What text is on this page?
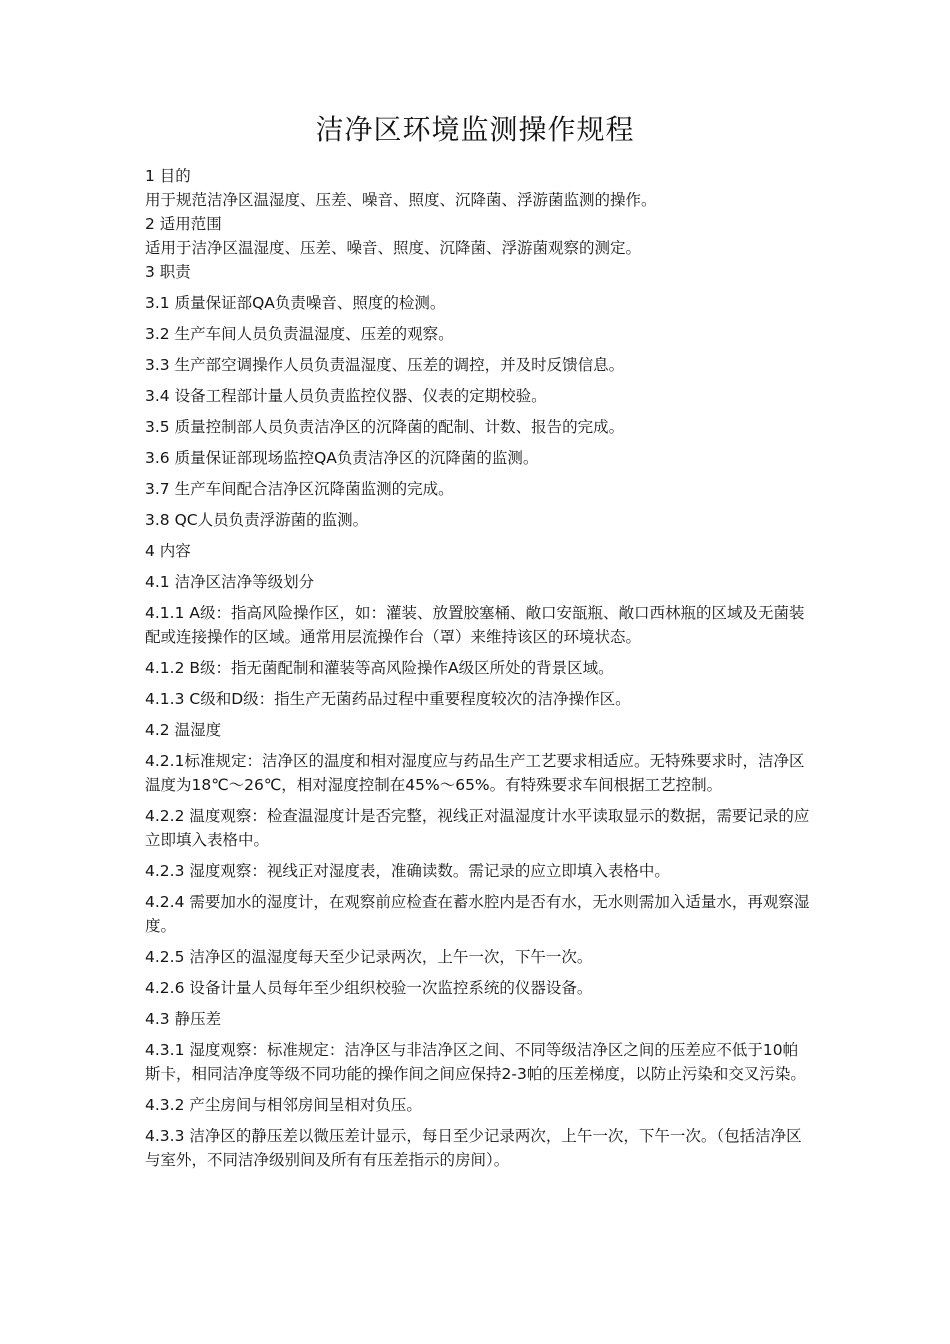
洁净区环境监测操作规程

1 目的

用于规范洁净区温湿度、压差、噪音、照度、沉降菌、浮游菌监测的操作。

2 适用范围

适用于洁净区温湿度、压差、噪音、照度、沉降菌、浮游菌观察的测定。

3 职责

3.1 质量保证部QA负责噪音、照度的检测。

3.2 生产车间人员负责温湿度、压差的观察。

3.3 生产部空调操作人员负责温湿度、压差的调控，并及时反馈信息。

3.4 设备工程部计量人员负责监控仪器、仪表的定期校验。

3.5 质量控制部人员负责洁净区的沉降菌的配制、计数、报告的完成。

3.6 质量保证部现场监控QA负责洁净区的沉降菌的监测。

3.7 生产车间配合洁净区沉降菌监测的完成。

3.8 QC人员负责浮游菌的监测。

4 内容

4.1 洁净区洁净等级划分

4.1.1 A级：指高风险操作区，如：灌装、放置胶塞桶、敞口安瓿瓶、敞口西林瓶的区域及无菌装配或连接操作的区域。通常用层流操作台（罩）来维持该区的环境状态。

4.1.2 B级：指无菌配制和灌装等高风险操作A级区所处的背景区域。

4.1.3 C级和D级：指生产无菌药品过程中重要程度较次的洁净操作区。

4.2 温湿度

4.2.1标准规定：洁净区的温度和相对湿度应与药品生产工艺要求相适应。无特殊要求时，洁净区温度为18℃～26℃，相对湿度控制在45%～65%。有特殊要求车间根据工艺控制。

4.2.2 温度观察：检查温湿度计是否完整，视线正对温湿度计水平读取显示的数据，需要记录的应立即填入表格中。

4.2.3 湿度观察：视线正对湿度表，准确读数。需记录的应立即填入表格中。

4.2.4 需要加水的湿度计，在观察前应检查在蓄水腔内是否有水，无水则需加入适量水，再观察湿度。

4.2.5 洁净区的温湿度每天至少记录两次，上午一次，下午一次。

4.2.6 设备计量人员每年至少组织校验一次监控系统的仪器设备。

4.3 静压差

4.3.1 湿度观察：标准规定：洁净区与非洁净区之间、不同等级洁净区之间的压差应不低于10帕斯卡，相同洁净度等级不同功能的操作间之间应保持2-3帕的压差梯度，以防止污染和交叉污染。

4.3.2 产尘房间与相邻房间呈相对负压。

4.3.3 洁净区的静压差以微压差计显示，每日至少记录两次，上午一次，下午一次。（包括洁净区与室外，不同洁净级别间及所有有压差指示的房间）。
